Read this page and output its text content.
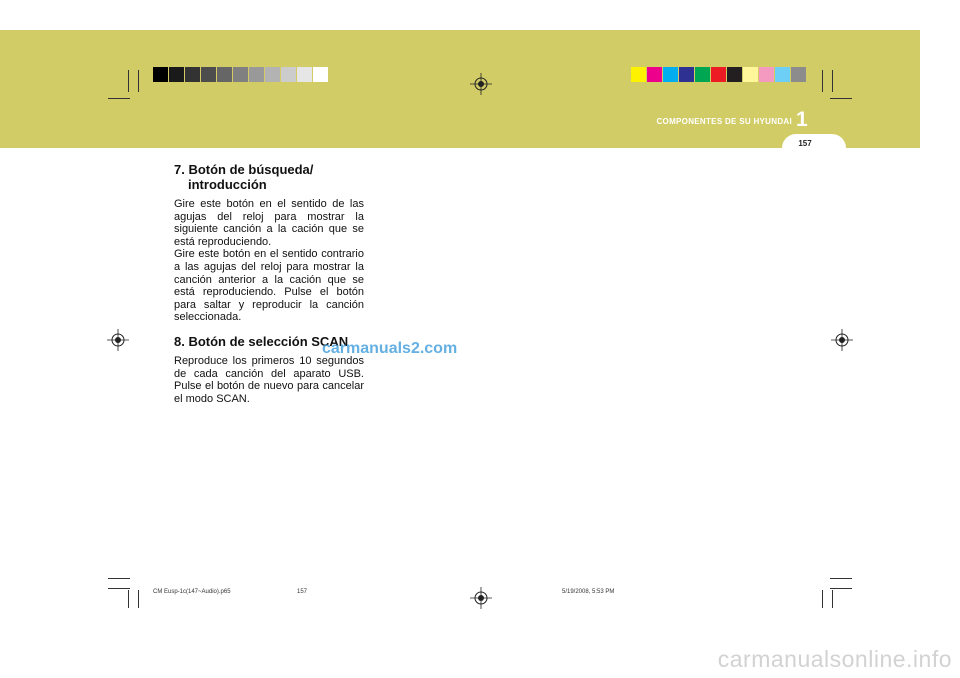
COMPONENTES DE SU HYUNDAI 1
157
7. Botón de búsqueda/
introducción

Gire este botón en el sentido de las agujas del reloj para mostrar la siguiente canción a la cación que se está reproduciendo.

Gire este botón en el sentido contrario a las agujas del reloj para mostrar la canción anterior a la cación que se está reproduciendo. Pulse el botón para saltar y reproducir la canción seleccionada.

8. Botón de selección SCAN

Reproduce los primeros 10 segundos de cada canción del aparato USB. Pulse el botón de nuevo para cancelar el modo SCAN.

carmanuals2.com
CM Eusp-1c(147~Audio).p65	157	5/19/2008, 5:53 PM
carmanualsonline.info
